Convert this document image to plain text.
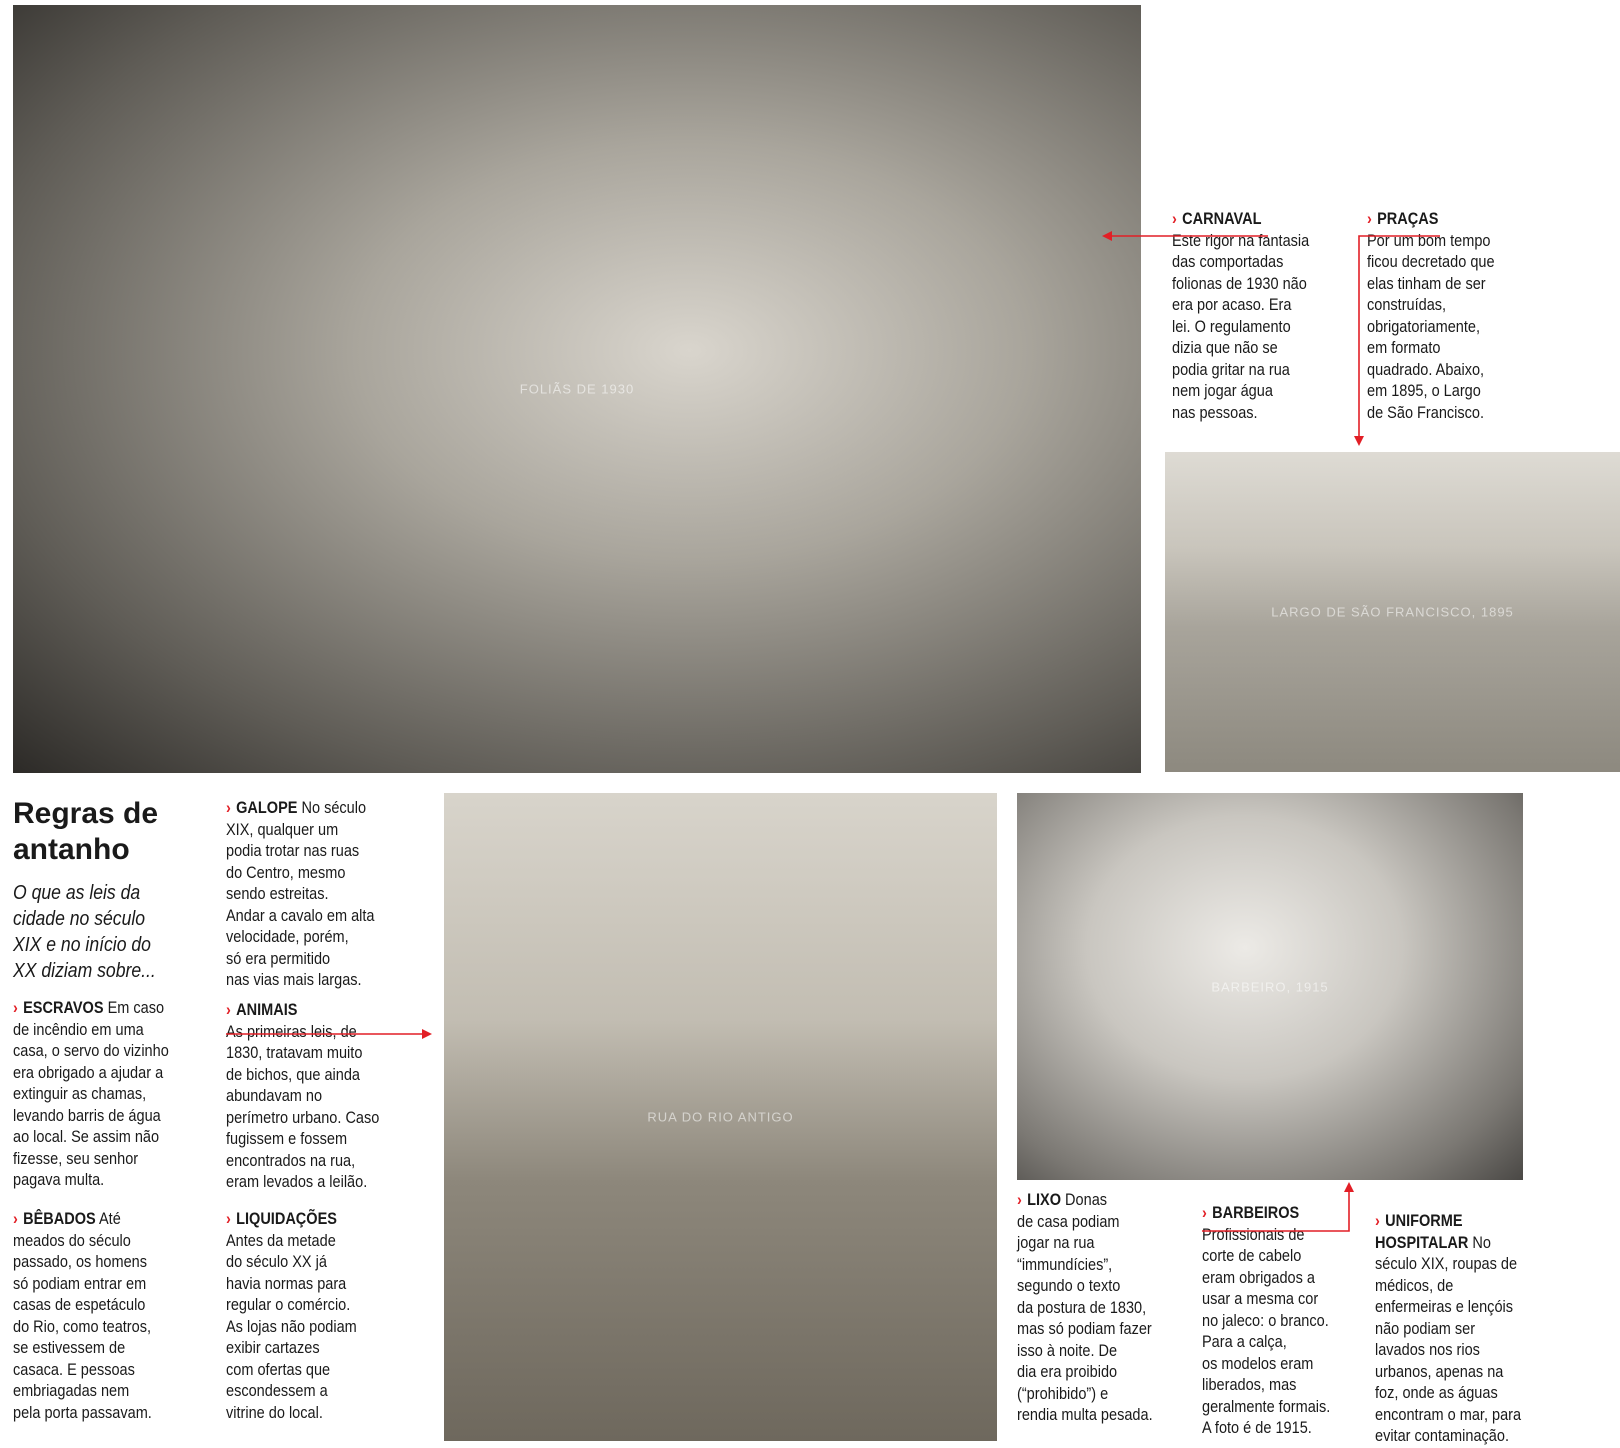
FOLIÃS DE 1930
LARGO DE SÃO FRANCISCO, 1895
RUA DO RIO ANTIGO
BARBEIRO, 1915
Regras de antanho
O que as leis da cidade no século XIX e no início do XX diziam sobre...
› CARNAVAL
Este rigor na fantasia
das comportadas
folionas de 1930 não
era por acaso. Era
lei. O regulamento
dizia que não se
podia gritar na rua
nem jogar água
nas pessoas.
› PRAÇAS
Por um bom tempo
ficou decretado que
elas tinham de ser
construídas,
obrigatoriamente,
em formato
quadrado. Abaixo,
em 1895, o Largo
de São Francisco.
› ESCRAVOS Em caso
de incêndio em uma
casa, o servo do vizinho
era obrigado a ajudar a
extinguir as chamas,
levando barris de água
ao local. Se assim não
fizesse, seu senhor
pagava multa.
› BÊBADOS Até
meados do século
passado, os homens
só podiam entrar em
casas de espetáculo
do Rio, como teatros,
se estivessem de
casaca. E pessoas
embriagadas nem
pela porta passavam.
› GALOPE No século
XIX, qualquer um
podia trotar nas ruas
do Centro, mesmo
sendo estreitas.
Andar a cavalo em alta
velocidade, porém,
só era permitido
nas vias mais largas.
› ANIMAIS
As primeiras leis, de
1830, tratavam muito
de bichos, que ainda
abundavam no
perímetro urbano. Caso
fugissem e fossem
encontrados na rua,
eram levados a leilão.
› LIQUIDAÇÕES
Antes da metade
do século XX já
havia normas para
regular o comércio.
As lojas não podiam
exibir cartazes
com ofertas que
escondessem a
vitrine do local.
› LIXO Donas
de casa podiam
jogar na rua
“immundícies”,
segundo o texto
da postura de 1830,
mas só podiam fazer
isso à noite. De
dia era proibido
(“prohibido”) e
rendia multa pesada.
› BARBEIROS
Profissionais de
corte de cabelo
eram obrigados a
usar a mesma cor
no jaleco: o branco.
Para a calça,
os modelos eram
liberados, mas
geralmente formais.
A foto é de 1915.
› UNIFORME
HOSPITALAR No
século XIX, roupas de
médicos, de
enfermeiras e lençóis
não podiam ser
lavados nos rios
urbanos, apenas na
foz, onde as águas
encontram o mar, para
evitar contaminação.
